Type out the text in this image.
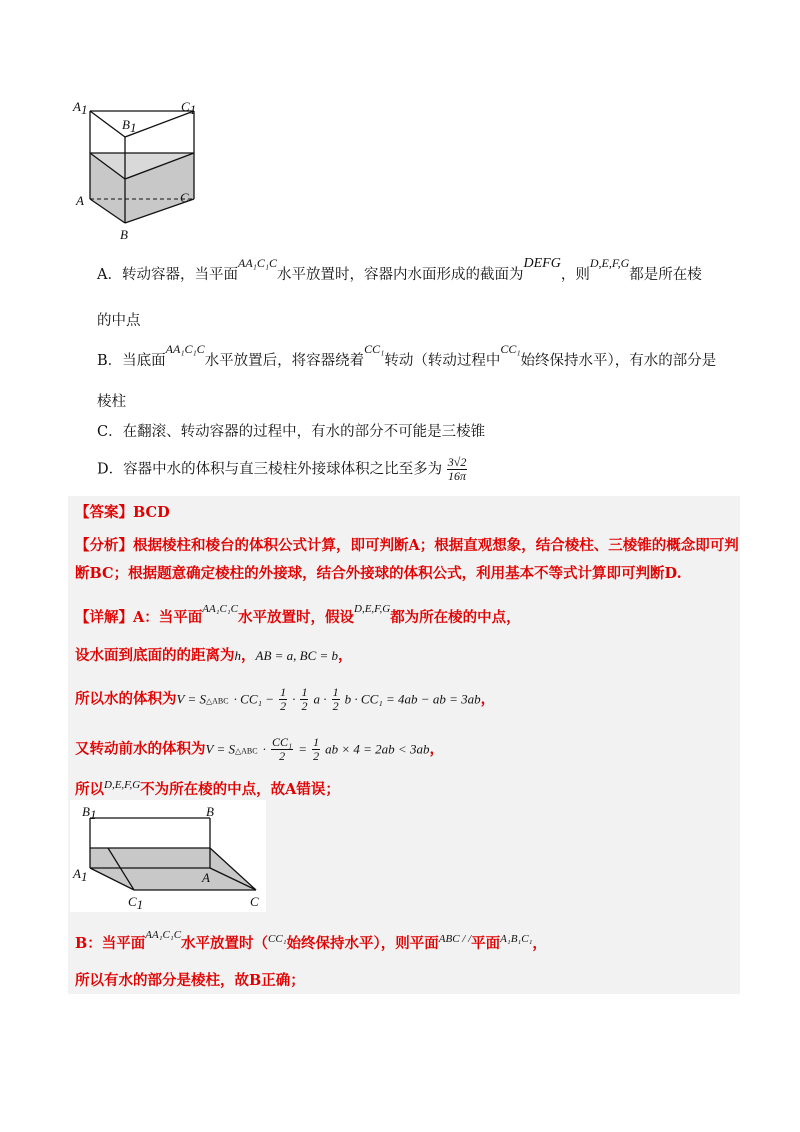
A1	C1
B1
A	C
B
A．转动容器，当平面AA₁C₁C水平放置时，容器内水面形成的截面为DEFG，则D,E,F,G都是所在棱
的中点
B．当底面AA₁C₁C水平放置后，将容器绕着CC₁转动（转动过程中CC₁始终保持水平），有水的部分是
棱柱
C．在翻滚、转动容器的过程中，有水的部分不可能是三棱锥
D．容器中水的体积与直三棱柱外接球体积之比至多为 $\frac{3√2}{16\pi}$
【答案】BCD
【分析】根据棱柱和棱台的体积公式计算，即可判断A；根据直观想象，结合棱柱、三棱锥的概念即可判
断BC；根据题意确定棱柱的外接球，结合外接球的体积公式，利用基本不等式计算即可判断D.
【详解】A：当平面$^{AA_1C_1C}$水平放置时，假设$^{D,E,F,G}$都为所在棱的中点，
设水面到底面的的距离为h，AB = a, BC = b，
所以水的体积为V = S△ABC · $CC_1 - \frac{1}{2} \cdot \frac{1}{2}$ $a \cdot \frac{1}{2}$ b · CC₁ = 4ab − ab = 3ab，
又转动前水的体积为V = S△ABC · $\frac{\text{CC₁}}{2} = \frac{1}{2}$ ab × 4 = 2ab < 3ab，
所以$^{D,E,F,G}$不为所在棱的中点，故A错误；
B1	B
A1	A
C1	C
B：当平面$^{AA_1C_1C}$水平放置时（$^{CC_1}$始终保持水平），则平面$^{ABC / /}$平面$^{A_1B_1C_1}$，
所以有水的部分是棱柱，故B正确；
